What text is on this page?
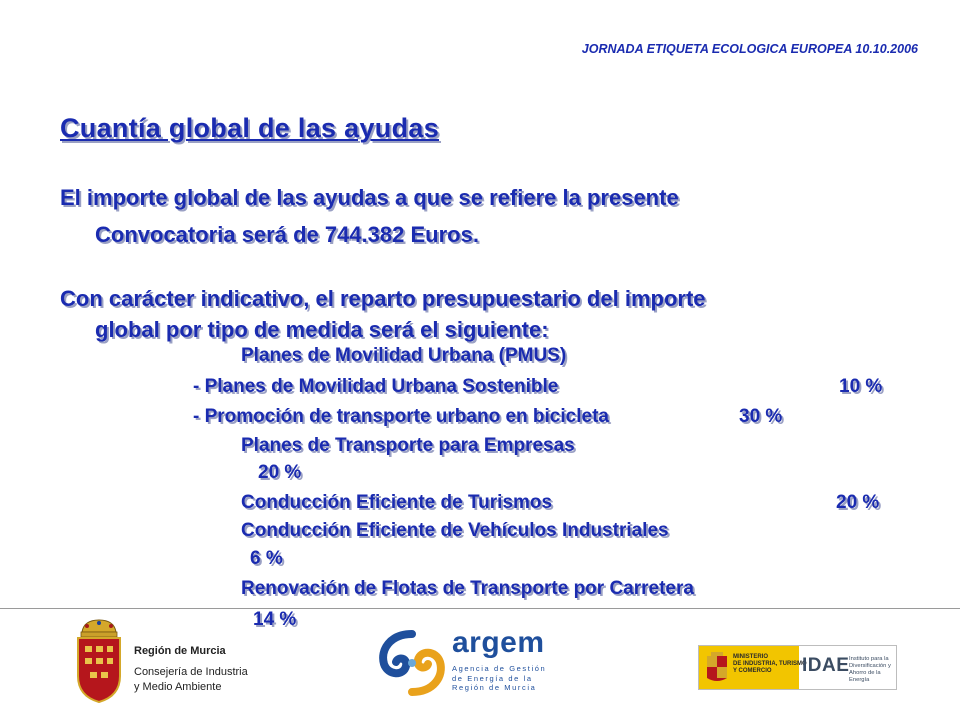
JORNADA ETIQUETA ECOLOGICA EUROPEA 10.10.2006
Cuantía global de las ayudas
El importe global de las ayudas a que se refiere la presente
Convocatoria será de 744.382 Euros.
Con carácter indicativo, el reparto presupuestario del importe
global por tipo de medida será el siguiente:
Planes de Movilidad Urbana (PMUS)
- Planes de Movilidad Urbana Sostenible	10 %
- Promoción de transporte urbano en bicicleta	30 %
Planes de Transporte para Empresas
20 %
Conducción Eficiente de Turismos	20 %
Conducción Eficiente de Vehículos Industriales
6 %
Renovación de Flotas de Transporte por Carretera
14 %
Región de Murcia
Consejería de Industria
y Medio Ambiente
argem
Agencia de Gestión
de Energía de la
Región de Murcia
MINISTERIO
DE INDUSTRIA, TURISMO
Y COMERCIO	IDAE Instituto para la
Diversificación y
Ahorro de la Energía
